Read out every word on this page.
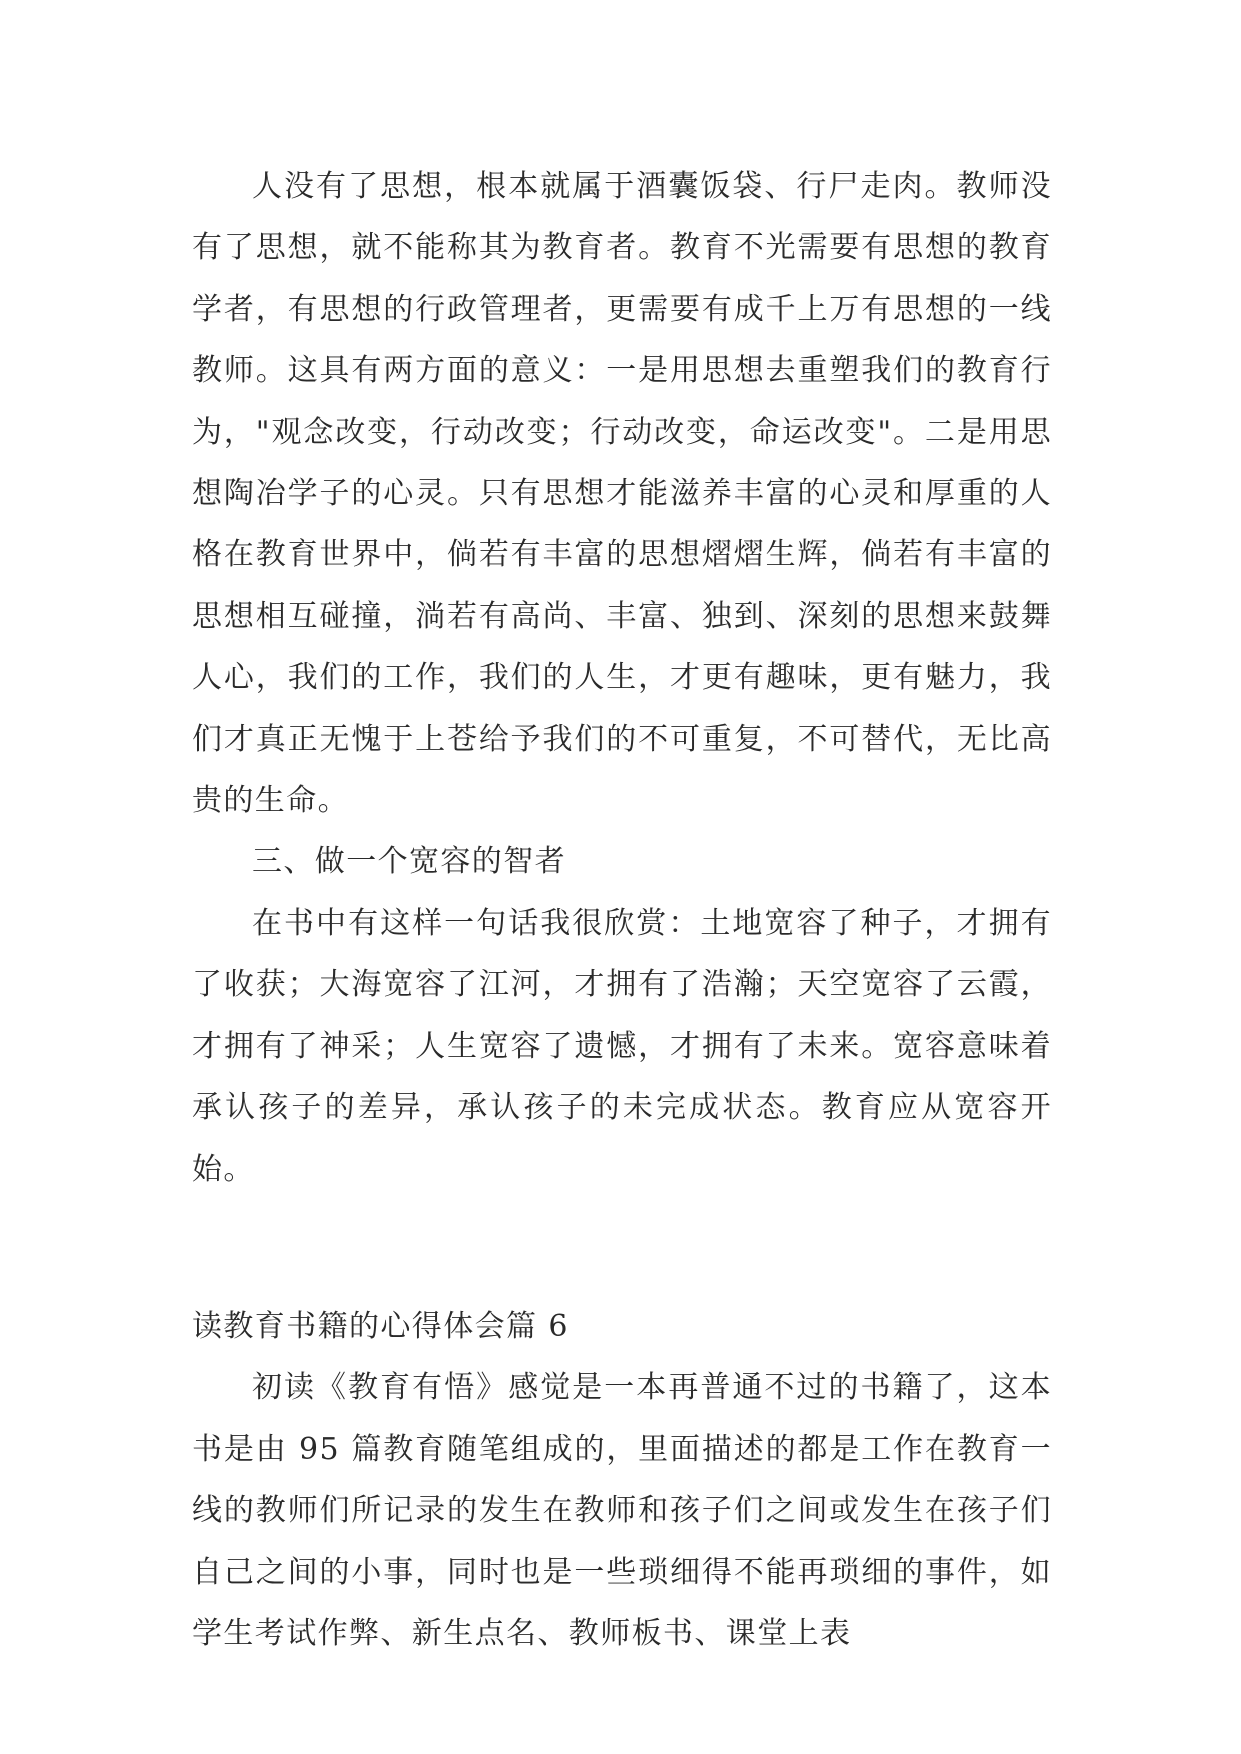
人没有了思想，根本就属于酒囊饭袋、行尸走肉。教师没有了思想，就不能称其为教育者。教育不光需要有思想的教育学者，有思想的行政管理者，更需要有成千上万有思想的一线教师。这具有两方面的意义：一是用思想去重塑我们的教育行为，"观念改变，行动改变；行动改变，命运改变"。二是用思想陶冶学子的心灵。只有思想才能滋养丰富的心灵和厚重的人格在教育世界中，倘若有丰富的思想熠熠生辉，倘若有丰富的思想相互碰撞，淌若有高尚、丰富、独到、深刻的思想来鼓舞人心，我们的工作，我们的人生，才更有趣味，更有魅力，我们才真正无愧于上苍给予我们的不可重复，不可替代，无比高贵的生命。

三、做一个宽容的智者

在书中有这样一句话我很欣赏：土地宽容了种子，才拥有了收获；大海宽容了江河，才拥有了浩瀚；天空宽容了云霞，才拥有了神采；人生宽容了遗憾，才拥有了未来。宽容意味着承认孩子的差异，承认孩子的未完成状态。教育应从宽容开始。

读教育书籍的心得体会篇 6

初读《教育有悟》感觉是一本再普通不过的书籍了，这本书是由 95 篇教育随笔组成的，里面描述的都是工作在教育一线的教师们所记录的发生在教师和孩子们之间或发生在孩子们自己之间的小事，同时也是一些琐细得不能再琐细的事件，如学生考试作弊、新生点名、教师板书、课堂上表
